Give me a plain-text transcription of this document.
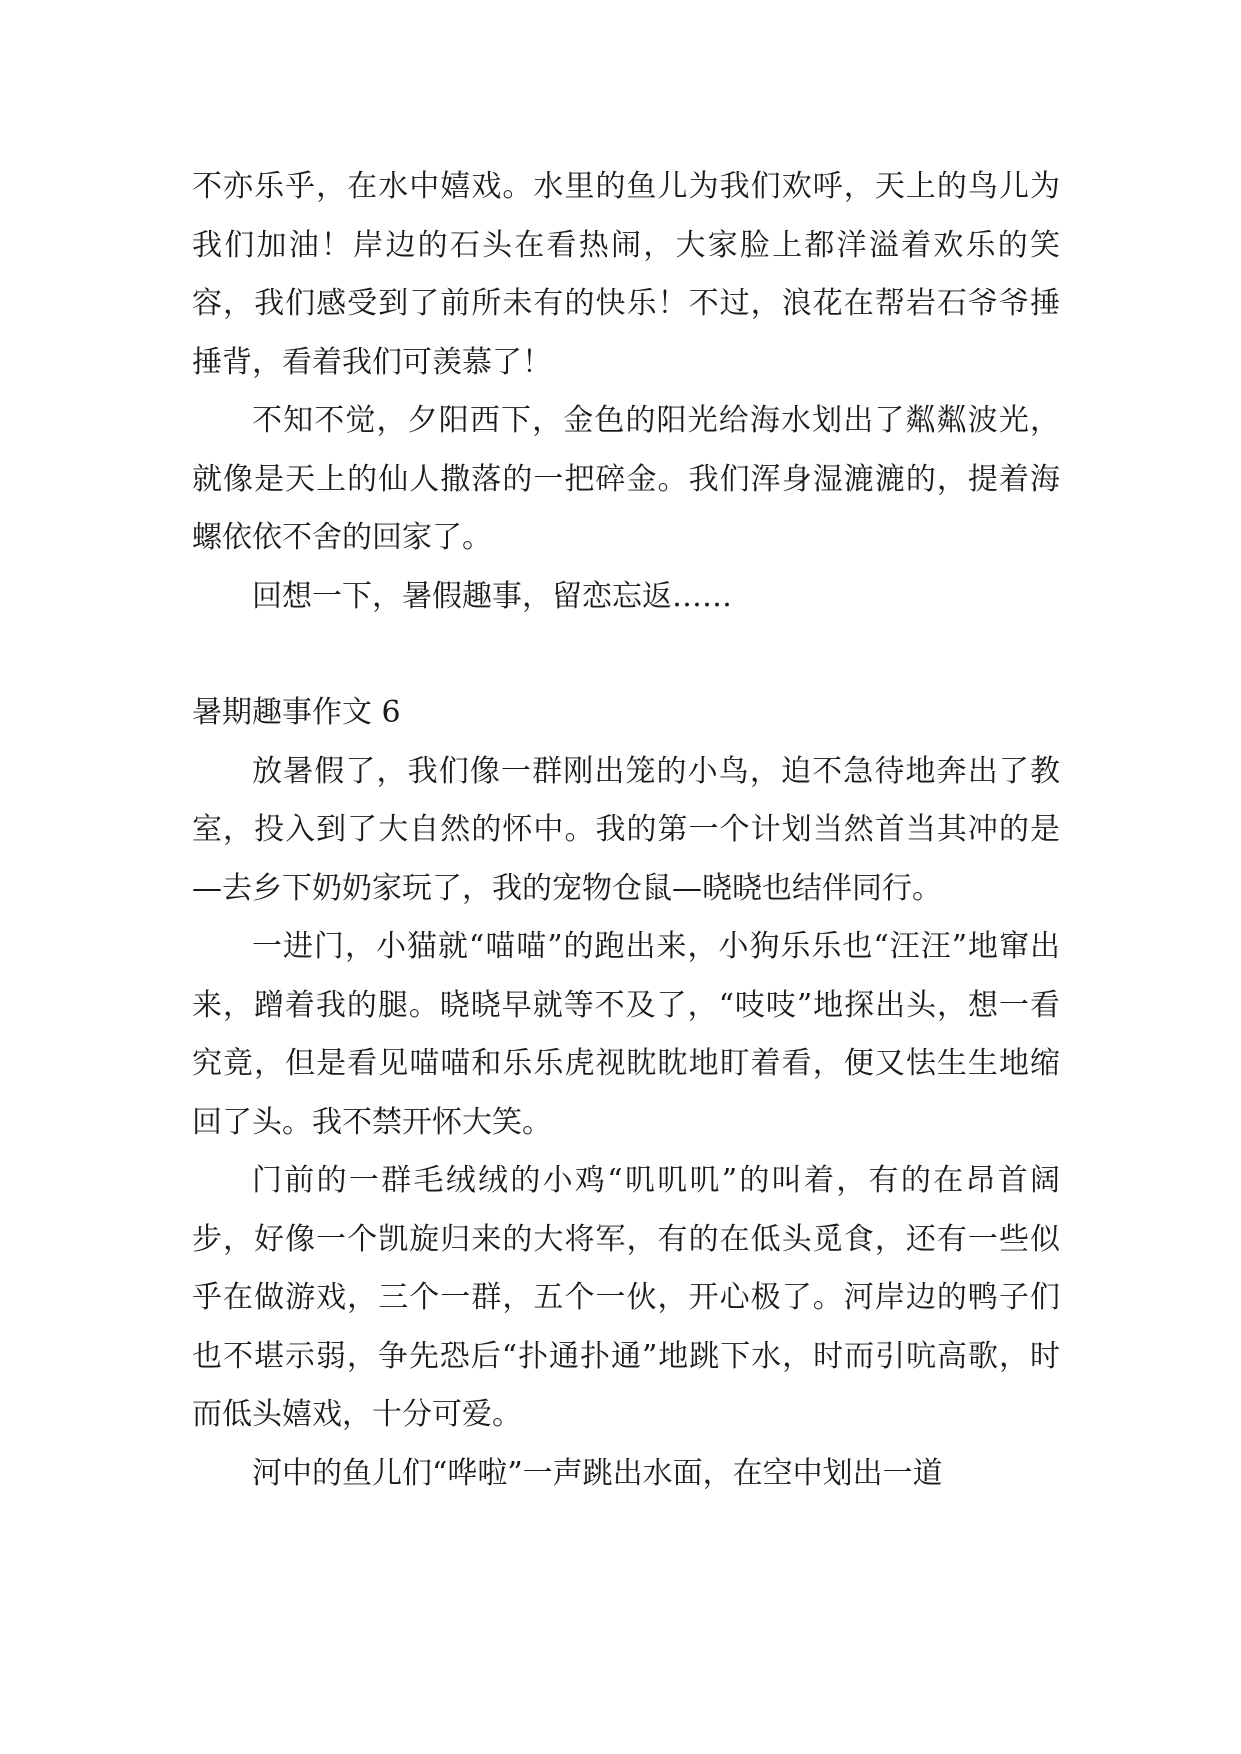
不亦乐乎，在水中嬉戏。水里的鱼儿为我们欢呼，天上的鸟儿为我们加油！岸边的石头在看热闹，大家脸上都洋溢着欢乐的笑容，我们感受到了前所未有的快乐！不过，浪花在帮岩石爷爷捶捶背，看着我们可羡慕了！

不知不觉，夕阳西下，金色的阳光给海水划出了粼粼波光，就像是天上的仙人撒落的一把碎金。我们浑身湿漉漉的，提着海螺依依不舍的回家了。

回想一下，暑假趣事，留恋忘返……

暑期趣事作文 6

放暑假了，我们像一群刚出笼的小鸟，迫不急待地奔出了教室，投入到了大自然的怀中。我的第一个计划当然首当其冲的是—去乡下奶奶家玩了，我的宠物仓鼠—晓晓也结伴同行。

一进门，小猫就“喵喵”的跑出来，小狗乐乐也“汪汪”地窜出来，蹭着我的腿。晓晓早就等不及了，“吱吱”地探出头，想一看究竟，但是看见喵喵和乐乐虎视眈眈地盯着看，便又怯生生地缩回了头。我不禁开怀大笑。

门前的一群毛绒绒的小鸡“叽叽叽”的叫着，有的在昂首阔步，好像一个凯旋归来的大将军，有的在低头觅食，还有一些似乎在做游戏，三个一群，五个一伙，开心极了。河岸边的鸭子们也不堪示弱，争先恐后“扑通扑通”地跳下水，时而引吭高歌，时而低头嬉戏，十分可爱。

河中的鱼儿们“哗啦”一声跳出水面，在空中划出一道
